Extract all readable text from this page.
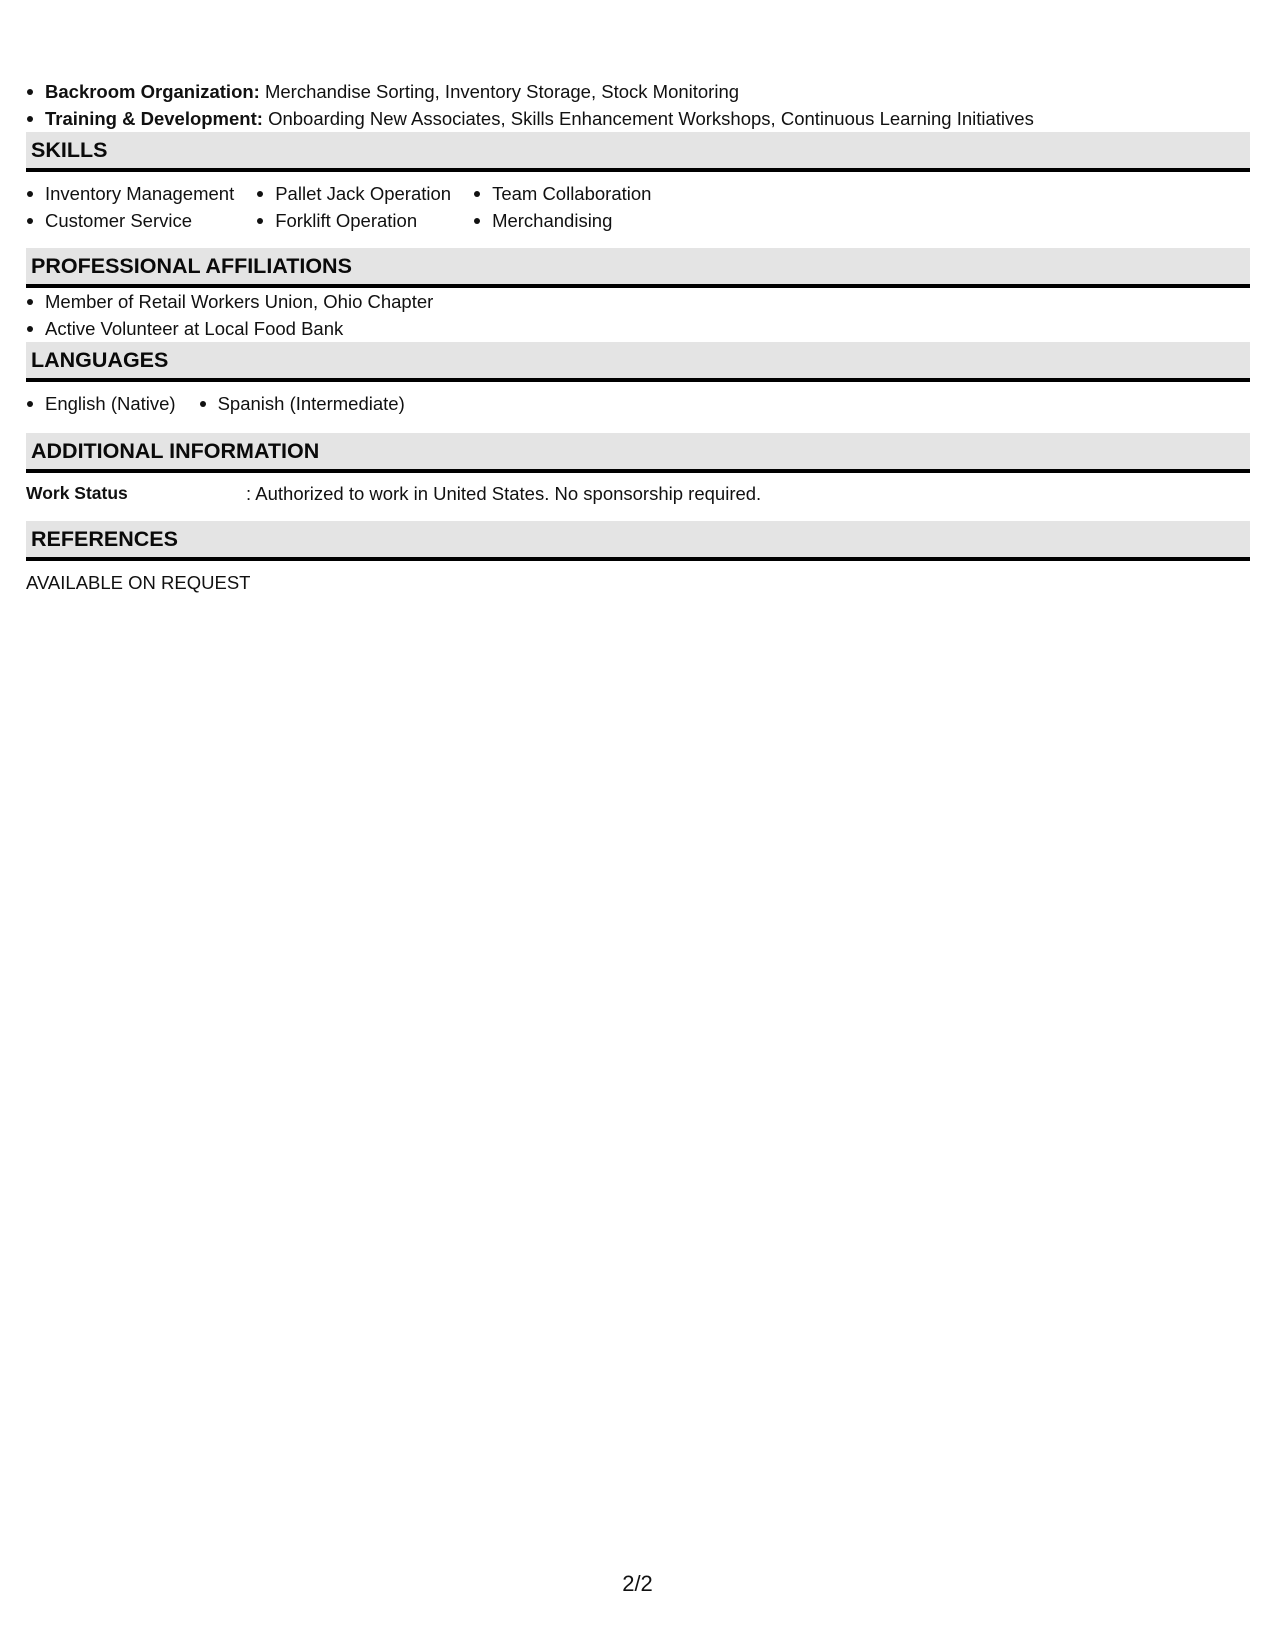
Backroom Organization: Merchandise Sorting, Inventory Storage, Stock Monitoring
Training & Development: Onboarding New Associates, Skills Enhancement Workshops, Continuous Learning Initiatives
SKILLS
Inventory Management
Customer Service
Pallet Jack Operation
Forklift Operation
Team Collaboration
Merchandising
PROFESSIONAL AFFILIATIONS
Member of Retail Workers Union, Ohio Chapter
Active Volunteer at Local Food Bank
LANGUAGES
English (Native)	Spanish (Intermediate)
ADDITIONAL INFORMATION
Work Status	: Authorized to work in United States. No sponsorship required.
REFERENCES
AVAILABLE ON REQUEST
2/2
